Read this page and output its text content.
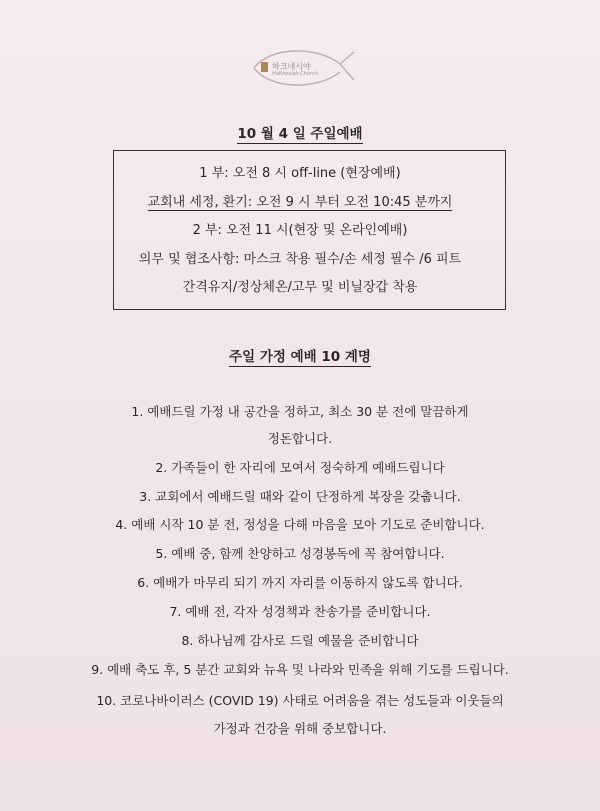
하크네시야
HaKnesiah Church
10 월 4 일 주일예배
1 부: 오전 8 시 off-line (현장예배)
교회내 세정, 환기: 오전 9 시 부터 오전 10:45 분까지
2 부: 오전 11 시(현장 및 온라인예배)
의무 및 협조사항: 마스크 착용 필수/손 세정 필수 /6 피트
간격유지/정상체온/고무 및 비닐장갑 착용
주일 가정 예배 10 계명
1. 예배드릴 가정 내 공간을 정하고, 최소 30 분 전에 말끔하게
정돈합니다.
2. 가족들이 한 자리에 모여서 정숙하게 예배드립니다
3. 교회에서 예배드릴 때와 같이 단정하게 복장을 갖춥니다.
4. 예배 시작 10 분 전, 정성을 다해 마음을 모아 기도로 준비합니다.
5. 예배 중, 함께 찬양하고 성경봉독에 꼭 참여합니다.
6. 예배가 마무리 되기 까지 자리를 이동하지 않도록 합니다.
7. 예배 전, 각자 성경책과 찬송가를 준비합니다.
8. 하나님께 감사로 드릴 예물을 준비합니다
9. 예배 축도 후, 5 분간 교회와 뉴욕 및 나라와 민족을 위해 기도를 드립니다.
10. 코로나바이러스 (COVID 19) 사태로 어려움을 겪는 성도들과 이웃들의
가정과 건강을 위해 중보합니다.
